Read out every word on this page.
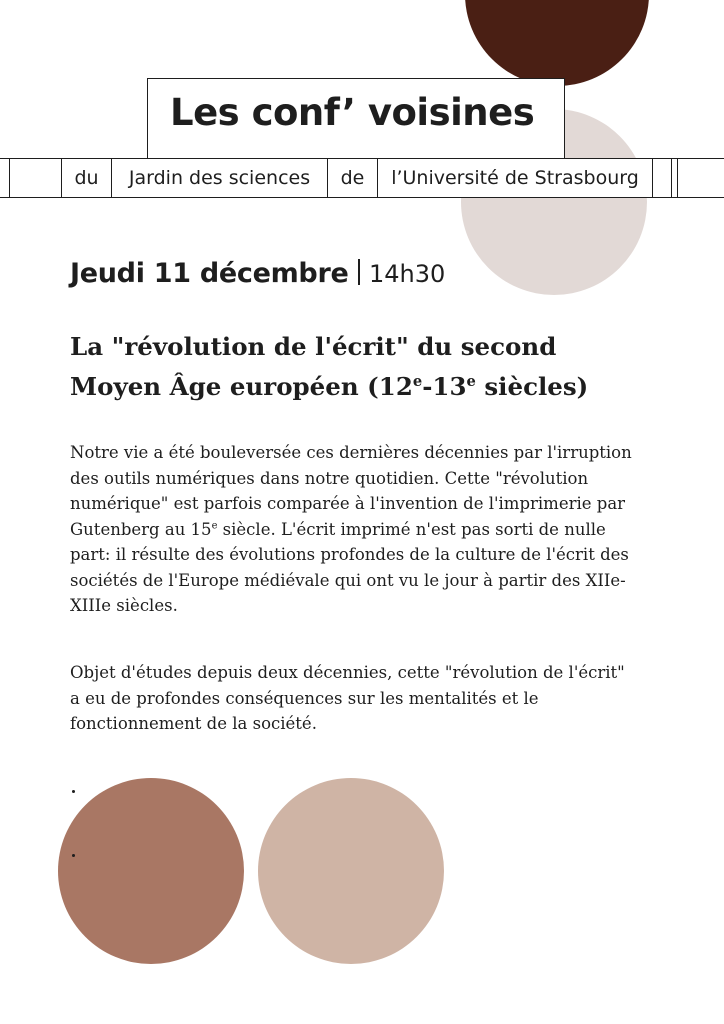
Les conf’ voisines
du	Jardin des sciences	de	l’Université de Strasbourg
Jeudi 11 décembre 14h30
La "révolution de l'écrit" du second Moyen Âge européen (12e-13e siècles)

Notre vie a été bouleversée ces dernières décennies par l'irruption des outils numériques dans notre quotidien. Cette "révolution numérique" est parfois comparée à l'invention de l'imprimerie par Gutenberg au 15e siècle. L'écrit imprimé n'est pas sorti de nulle part: il résulte des évolutions profondes de la culture de l'écrit des sociétés de l'Europe médiévale qui ont vu le jour à partir des XIIe-XIIIe siècles.

Objet d'études depuis deux décennies, cette "révolution de l'écrit" a eu de profondes conséquences sur les mentalités et le fonctionnement de la société.
